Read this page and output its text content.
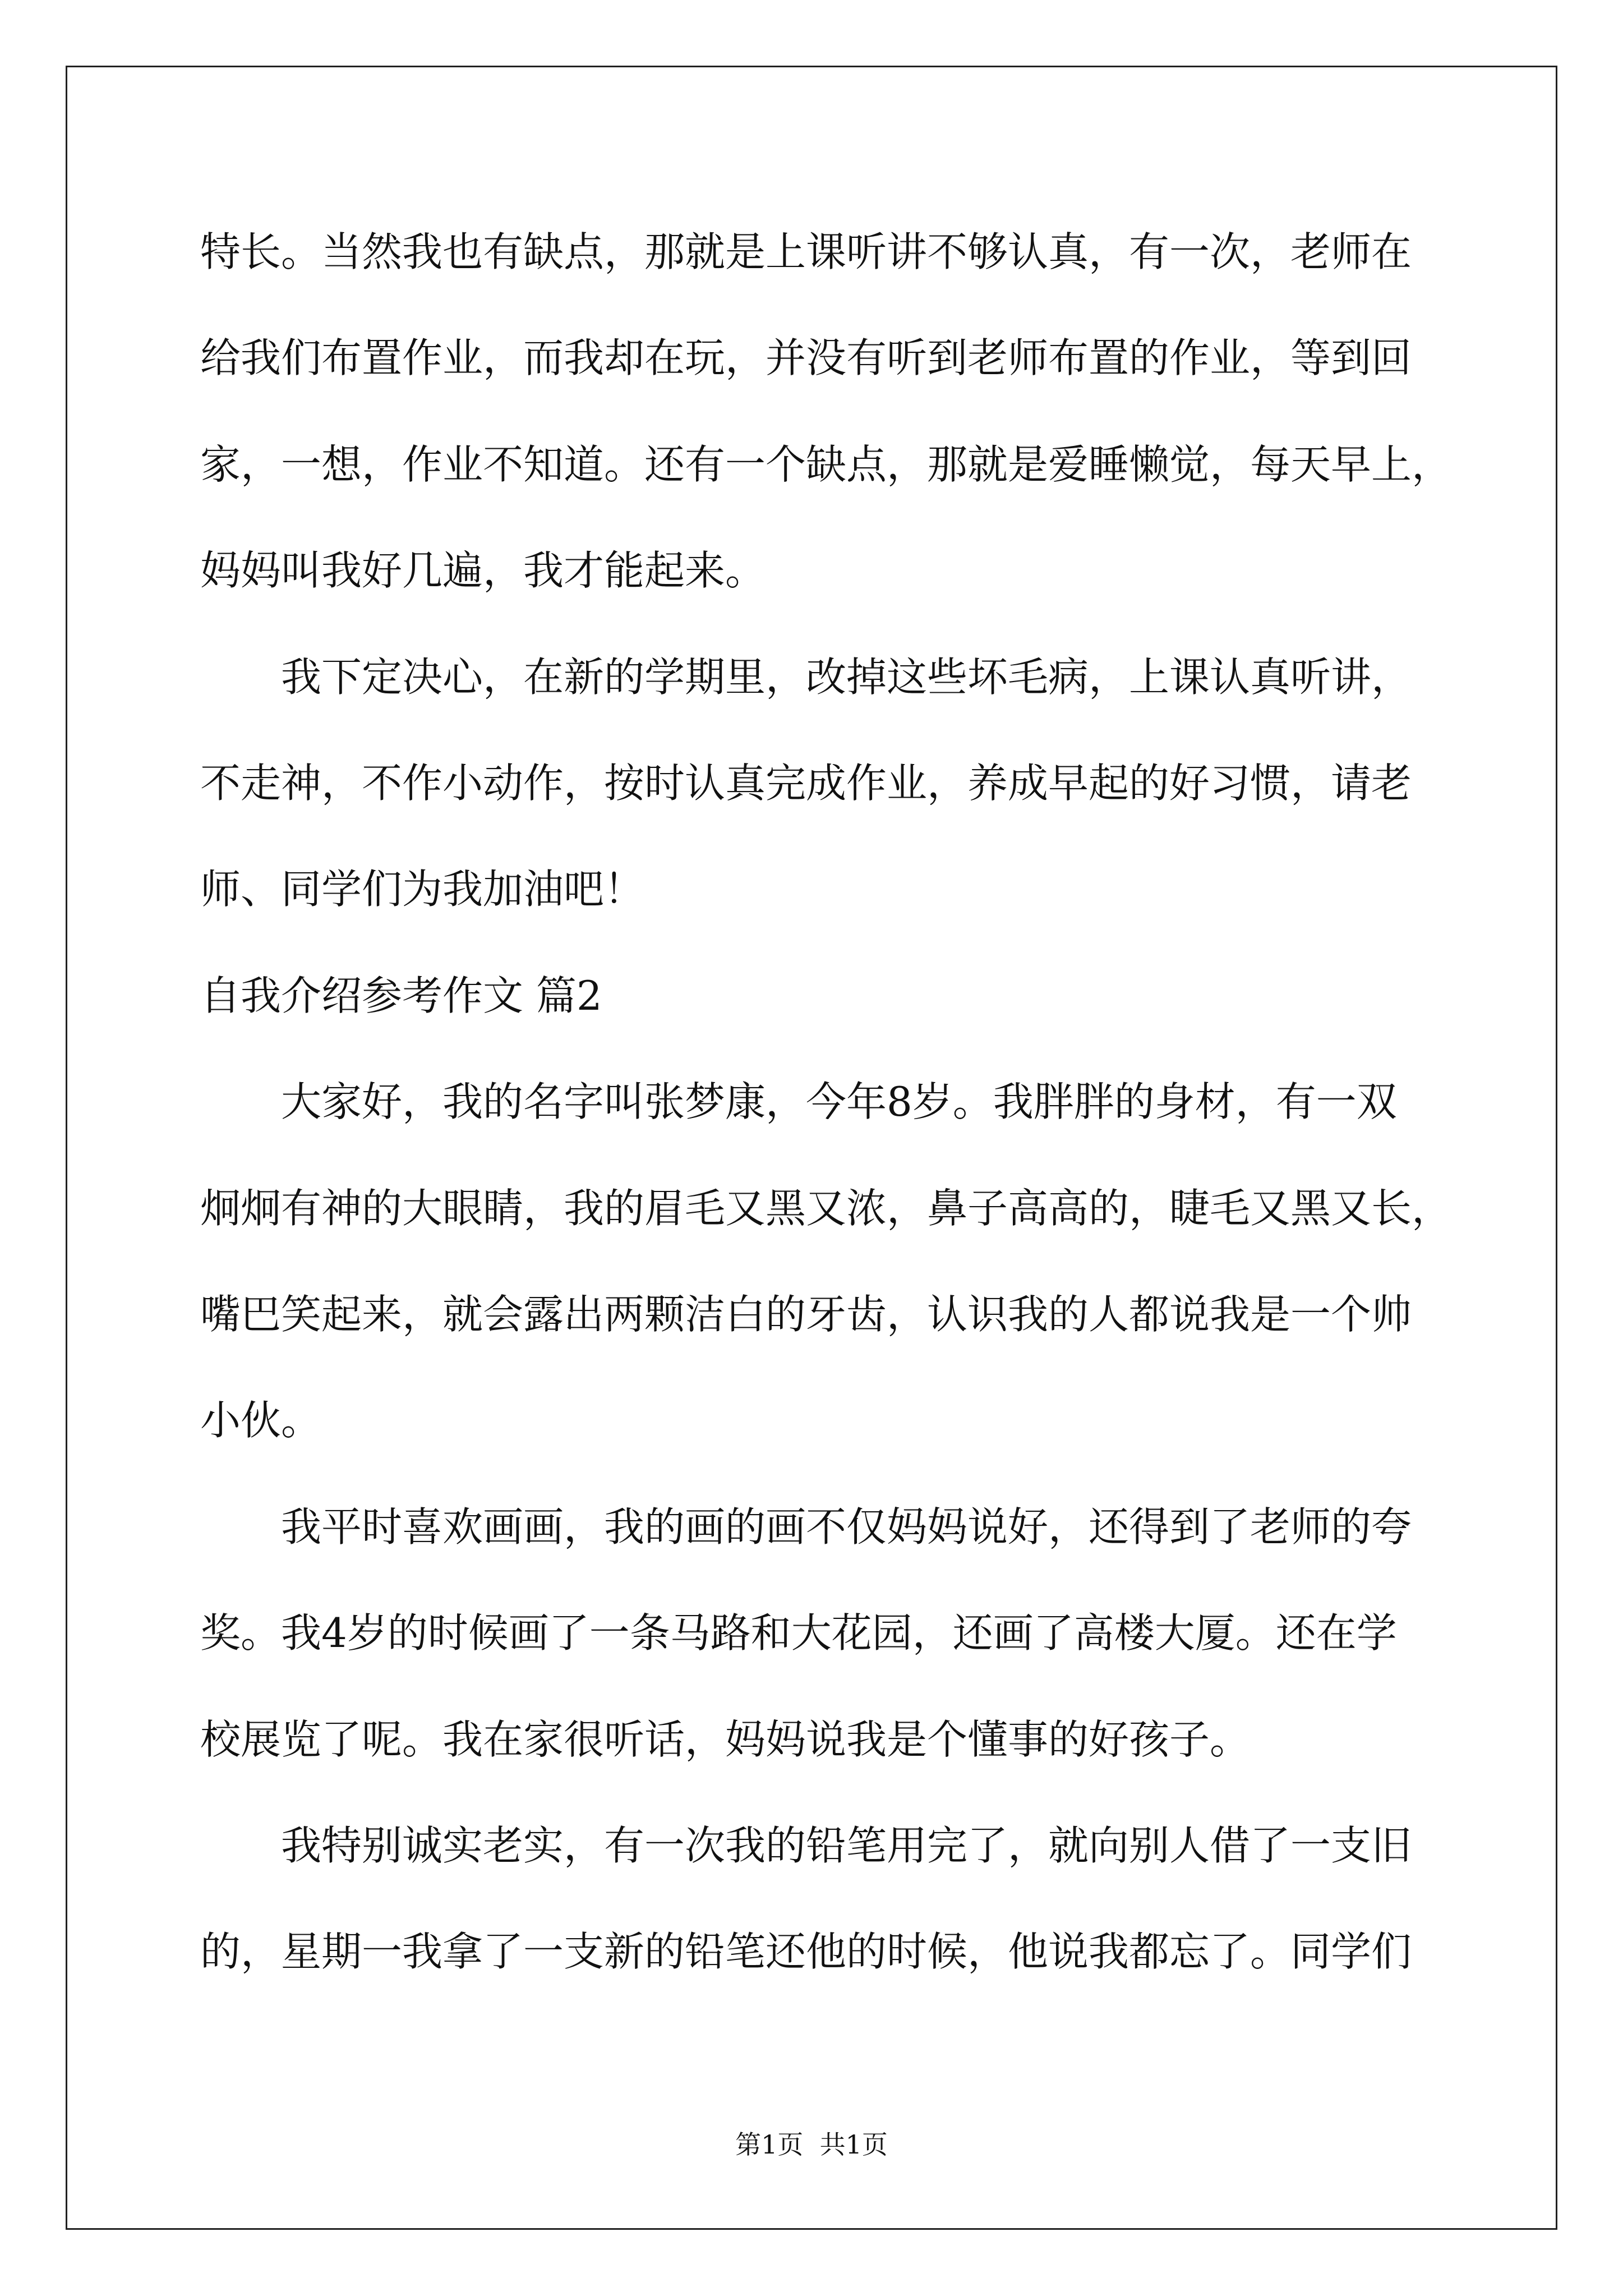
特长。当然我也有缺点，那就是上课听讲不够认真，有一次，老师在
给我们布置作业，而我却在玩，并没有听到老师布置的作业，等到回
家，一想，作业不知道。还有一个缺点，那就是爱睡懒觉，每天早上，
妈妈叫我好几遍，我才能起来。
我下定决心，在新的学期里，改掉这些坏毛病，上课认真听讲，
不走神，不作小动作，按时认真完成作业，养成早起的好习惯，请老
师、同学们为我加油吧！
自我介绍参考作文 篇2
大家好，我的名字叫张梦康，今年8岁。我胖胖的身材，有一双
炯炯有神的大眼睛，我的眉毛又黑又浓，鼻子高高的，睫毛又黑又长，
嘴巴笑起来，就会露出两颗洁白的牙齿，认识我的人都说我是一个帅
小伙。
我平时喜欢画画，我的画的画不仅妈妈说好，还得到了老师的夸
奖。我4岁的时候画了一条马路和大花园，还画了高楼大厦。还在学
校展览了呢。我在家很听话，妈妈说我是个懂事的好孩子。
我特别诚实老实，有一次我的铅笔用完了，就向别人借了一支旧
的，星期一我拿了一支新的铅笔还他的时候，他说我都忘了。同学们
第1页  共1页
